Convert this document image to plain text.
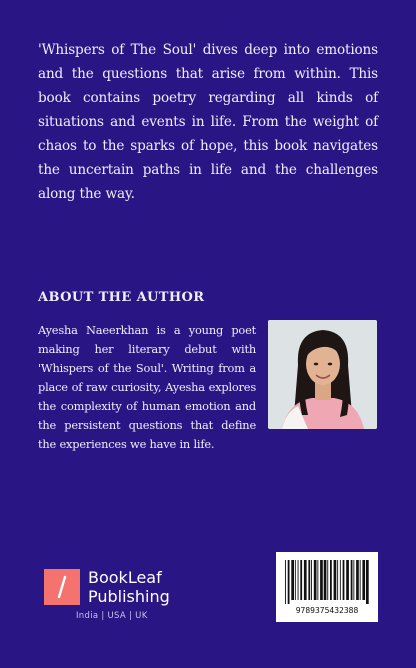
'Whispers of The Soul' dives deep into emotions and the questions that arise from within. This book contains poetry regarding all kinds of situations and events in life. From the weight of chaos to the sparks of hope, this book navigates the uncertain paths in life and the challenges along the way.

ABOUT THE AUTHOR

Ayesha Naeerkhan is a young poet making her literary debut with 'Whispers of the Soul'. Writing from a place of raw curiosity, Ayesha explores the complexity of human emotion and the persistent questions that define the experiences we have in life.

BookLeaf
Publishing
India | USA | UK
9789375432388
